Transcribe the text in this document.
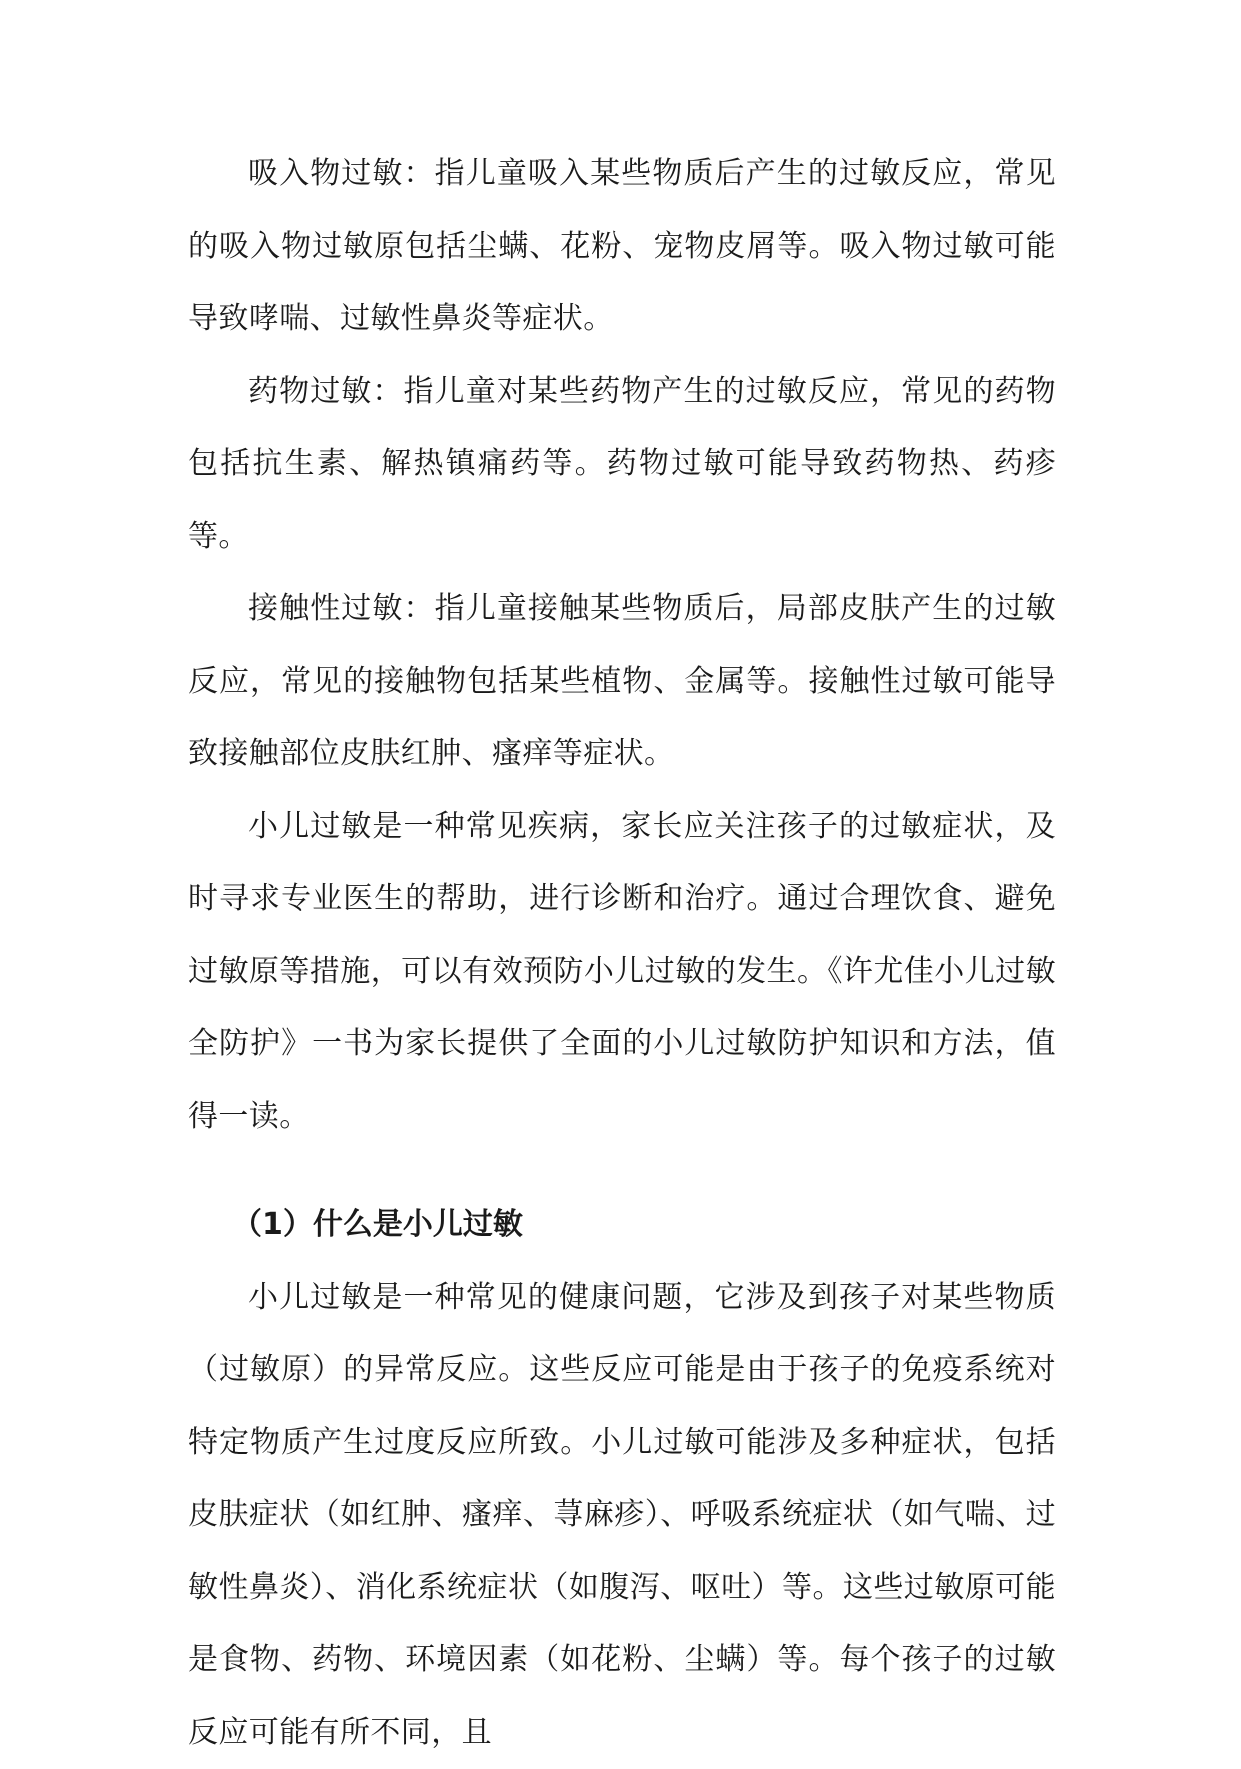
吸入物过敏：指儿童吸入某些物质后产生的过敏反应，常见的吸入物过敏原包括尘螨、花粉、宠物皮屑等。吸入物过敏可能导致哮喘、过敏性鼻炎等症状。

药物过敏：指儿童对某些药物产生的过敏反应，常见的药物包括抗生素、解热镇痛药等。药物过敏可能导致药物热、药疹等。

接触性过敏：指儿童接触某些物质后，局部皮肤产生的过敏反应，常见的接触物包括某些植物、金属等。接触性过敏可能导致接触部位皮肤红肿、瘙痒等症状。

小儿过敏是一种常见疾病，家长应关注孩子的过敏症状，及时寻求专业医生的帮助，进行诊断和治疗。通过合理饮食、避免过敏原等措施，可以有效预防小儿过敏的发生。《许尤佳小儿过敏全防护》一书为家长提供了全面的小儿过敏防护知识和方法，值得一读。

（1）什么是小儿过敏

小儿过敏是一种常见的健康问题，它涉及到孩子对某些物质（过敏原）的异常反应。这些反应可能是由于孩子的免疫系统对特定物质产生过度反应所致。小儿过敏可能涉及多种症状，包括皮肤症状（如红肿、瘙痒、荨麻疹）、呼吸系统症状（如气喘、过敏性鼻炎）、消化系统症状（如腹泻、呕吐）等。这些过敏原可能是食物、药物、环境因素（如花粉、尘螨）等。每个孩子的过敏反应可能有所不同，且
